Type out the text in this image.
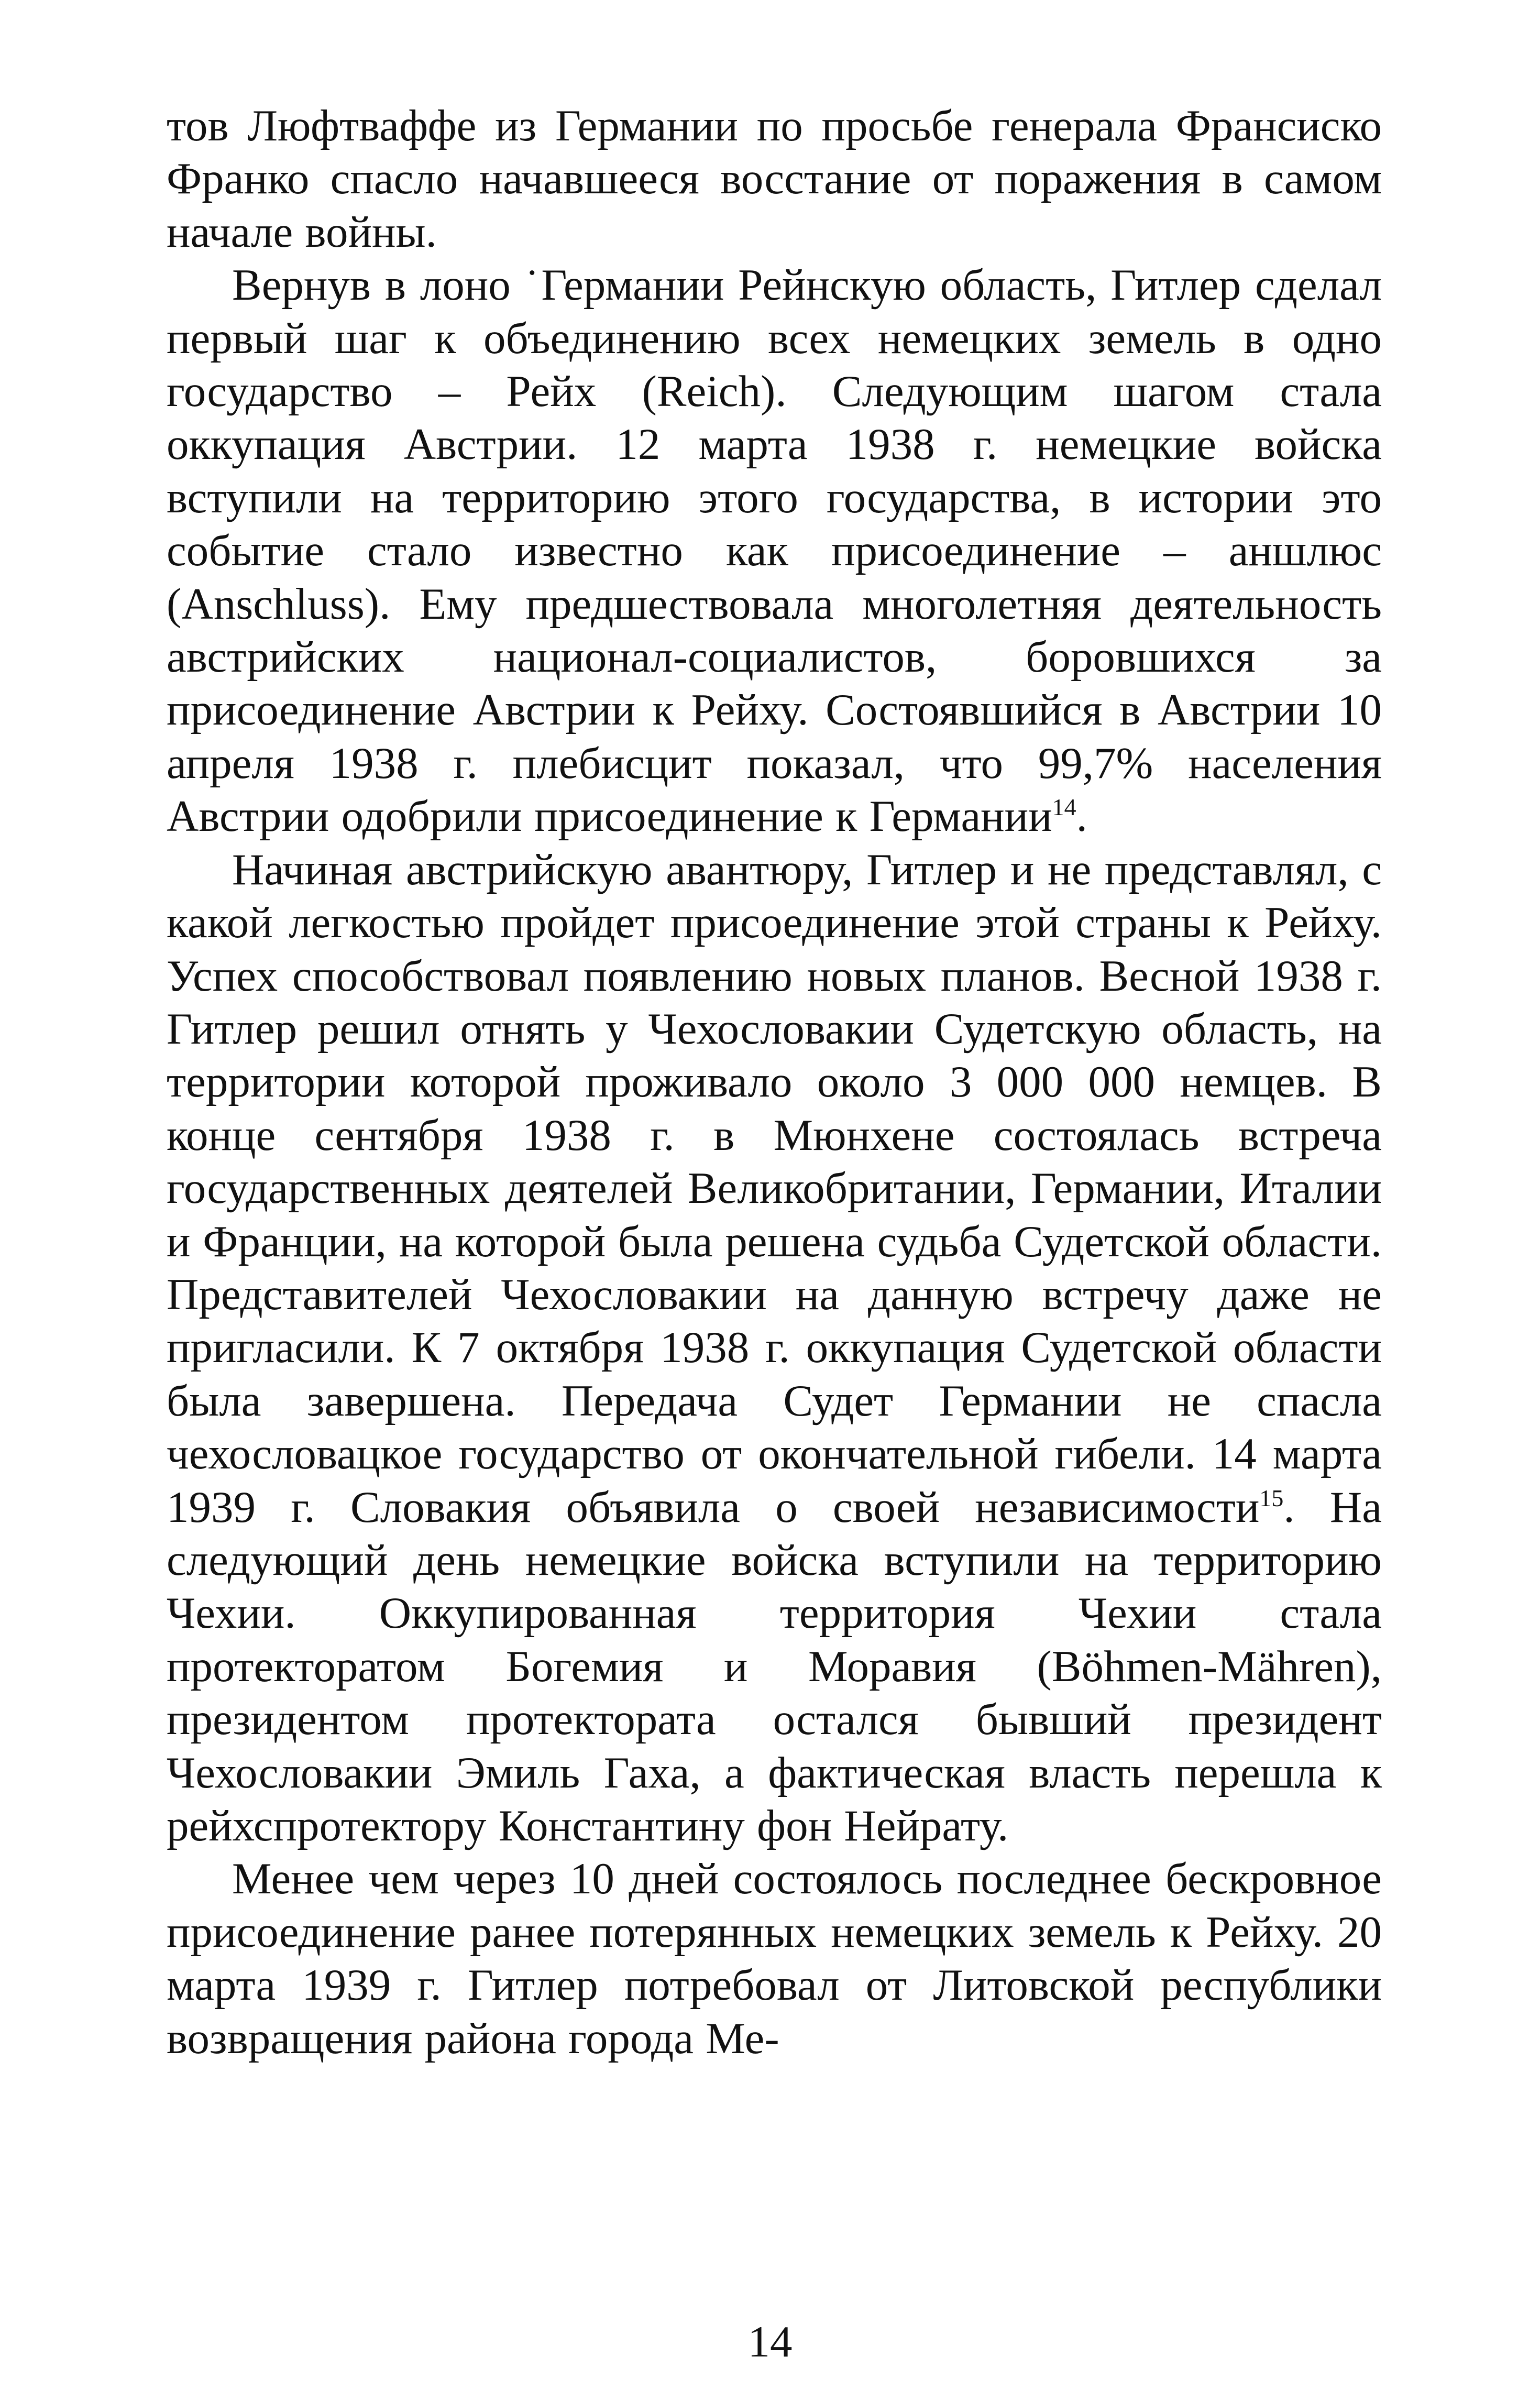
тов Люфтваффе из Германии по просьбе генерала Франсиско Франко спасло начавшееся восстание от поражения в самом начале войны.

Вернув в лоно ˙Германии Рейнскую область, Гитлер сделал первый шаг к объединению всех немецких земель в одно государство – Рейх (Reich). Следующим шагом стала оккупация Австрии. 12 марта 1938 г. немецкие войска вступили на территорию этого государства, в истории это событие стало известно как присоединение – аншлюс (Anschluss). Ему предшествовала многолетняя деятельность австрийских национал-социалистов, боровшихся за присоединение Австрии к Рейху. Состоявшийся в Австрии 10 апреля 1938 г. плебисцит показал, что 99,7% населения Австрии одобрили присоединение к Германии$^{14}$.

Начиная австрийскую авантюру, Гитлер и не представлял, с какой легкостью пройдет присоединение этой страны к Рейху. Успех способствовал появлению новых планов. Весной 1938 г. Гитлер решил отнять у Чехословакии Судетскую область, на территории которой проживало около 3 000 000 немцев. В конце сентября 1938 г. в Мюнхене состоялась встреча государственных деятелей Великобритании, Германии, Италии и Франции, на которой была решена судьба Судетской области. Представителей Чехословакии на данную встречу даже не пригласили. К 7 октября 1938 г. оккупация Судетской области была завершена. Передача Судет Германии не спасла чехословацкое государство от окончательной гибели. 14 марта 1939 г. Словакия объявила о своей независимости$^{15}$. На следующий день немецкие войска вступили на территорию Чехии. Оккупированная территория Чехии стала протекторатом Богемия и Моравия (Böhmen-Mähren), президентом протектората остался бывший президент Чехословакии Эмиль Гаха, а фактическая власть перешла к рейхспротектору Константину фон Нейрату.

Менее чем через 10 дней состоялось последнее бескровное присоединение ранее потерянных немецких земель к Рейху. 20 марта 1939 г. Гитлер потребовал от Литовской республики возвращения района города Ме-

14
